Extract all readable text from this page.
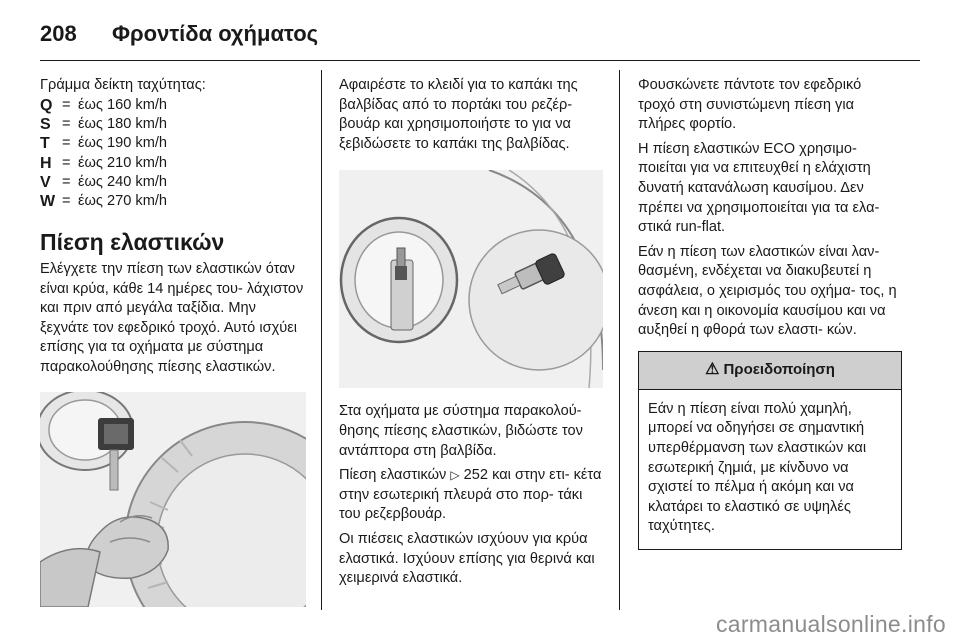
208	Φροντίδα οχήματος
Γράμμα δείκτη ταχύτητας:
Q = έως 160 km/h
S = έως 180 km/h
T = έως 190 km/h
H = έως 210 km/h
V = έως 240 km/h
W = έως 270 km/h
Πίεση ελαστικών
Ελέγχετε την πίεση των ελαστικών όταν είναι κρύα, κάθε 14 ημέρες του- λάχιστον και πριν από μεγάλα ταξίδια. Μην ξεχνάτε τον εφεδρικό τροχό. Αυτό ισχύει επίσης για τα οχήματα με σύστημα παρακολούθησης πίεσης ελαστικών.
Αφαιρέστε το κλειδί για το καπάκι της βαλβίδας από το πορτάκι του ρεζέρ- βουάρ και χρησιμοποιήστε το για να ξεβιδώσετε το καπάκι της βαλβίδας.
Στα οχήματα με σύστημα παρακολού- θησης πίεσης ελαστικών, βιδώστε τον αντάπτορα στη βαλβίδα.
Πίεση ελαστικών ▷ 252 και στην ετι- κέτα στην εσωτερική πλευρά στο πορ- τάκι του ρεζερβουάρ.
Οι πιέσεις ελαστικών ισχύουν για κρύα ελαστικά. Ισχύουν επίσης για θερινά και χειμερινά ελαστικά.
Φουσκώνετε πάντοτε τον εφεδρικό τροχό στη συνιστώμενη πίεση για πλήρες φορτίο.
Η πίεση ελαστικών ECO χρησιμο- ποιείται για να επιτευχθεί η ελάχιστη δυνατή κατανάλωση καυσίμου. Δεν πρέπει να χρησιμοποιείται για τα ελα- στικά run-flat.
Εάν η πίεση των ελαστικών είναι λαν- θασμένη, ενδέχεται να διακυβευτεί η ασφάλεια, ο χειρισμός του οχήμα- τος, η άνεση και η οικονομία καυσίμου και να αυξηθεί η φθορά των ελαστι- κών.
⚠ Προειδοποίηση
Εάν η πίεση είναι πολύ χαμηλή, μπορεί να οδηγήσει σε σημαντική υπερθέρμανση των ελαστικών και εσωτερική ζημιά, με κίνδυνο να σχιστεί το πέλμα ή ακόμη και να κλατάρει το ελαστικό σε υψηλές ταχύτητες.
carmanualsonline.info
